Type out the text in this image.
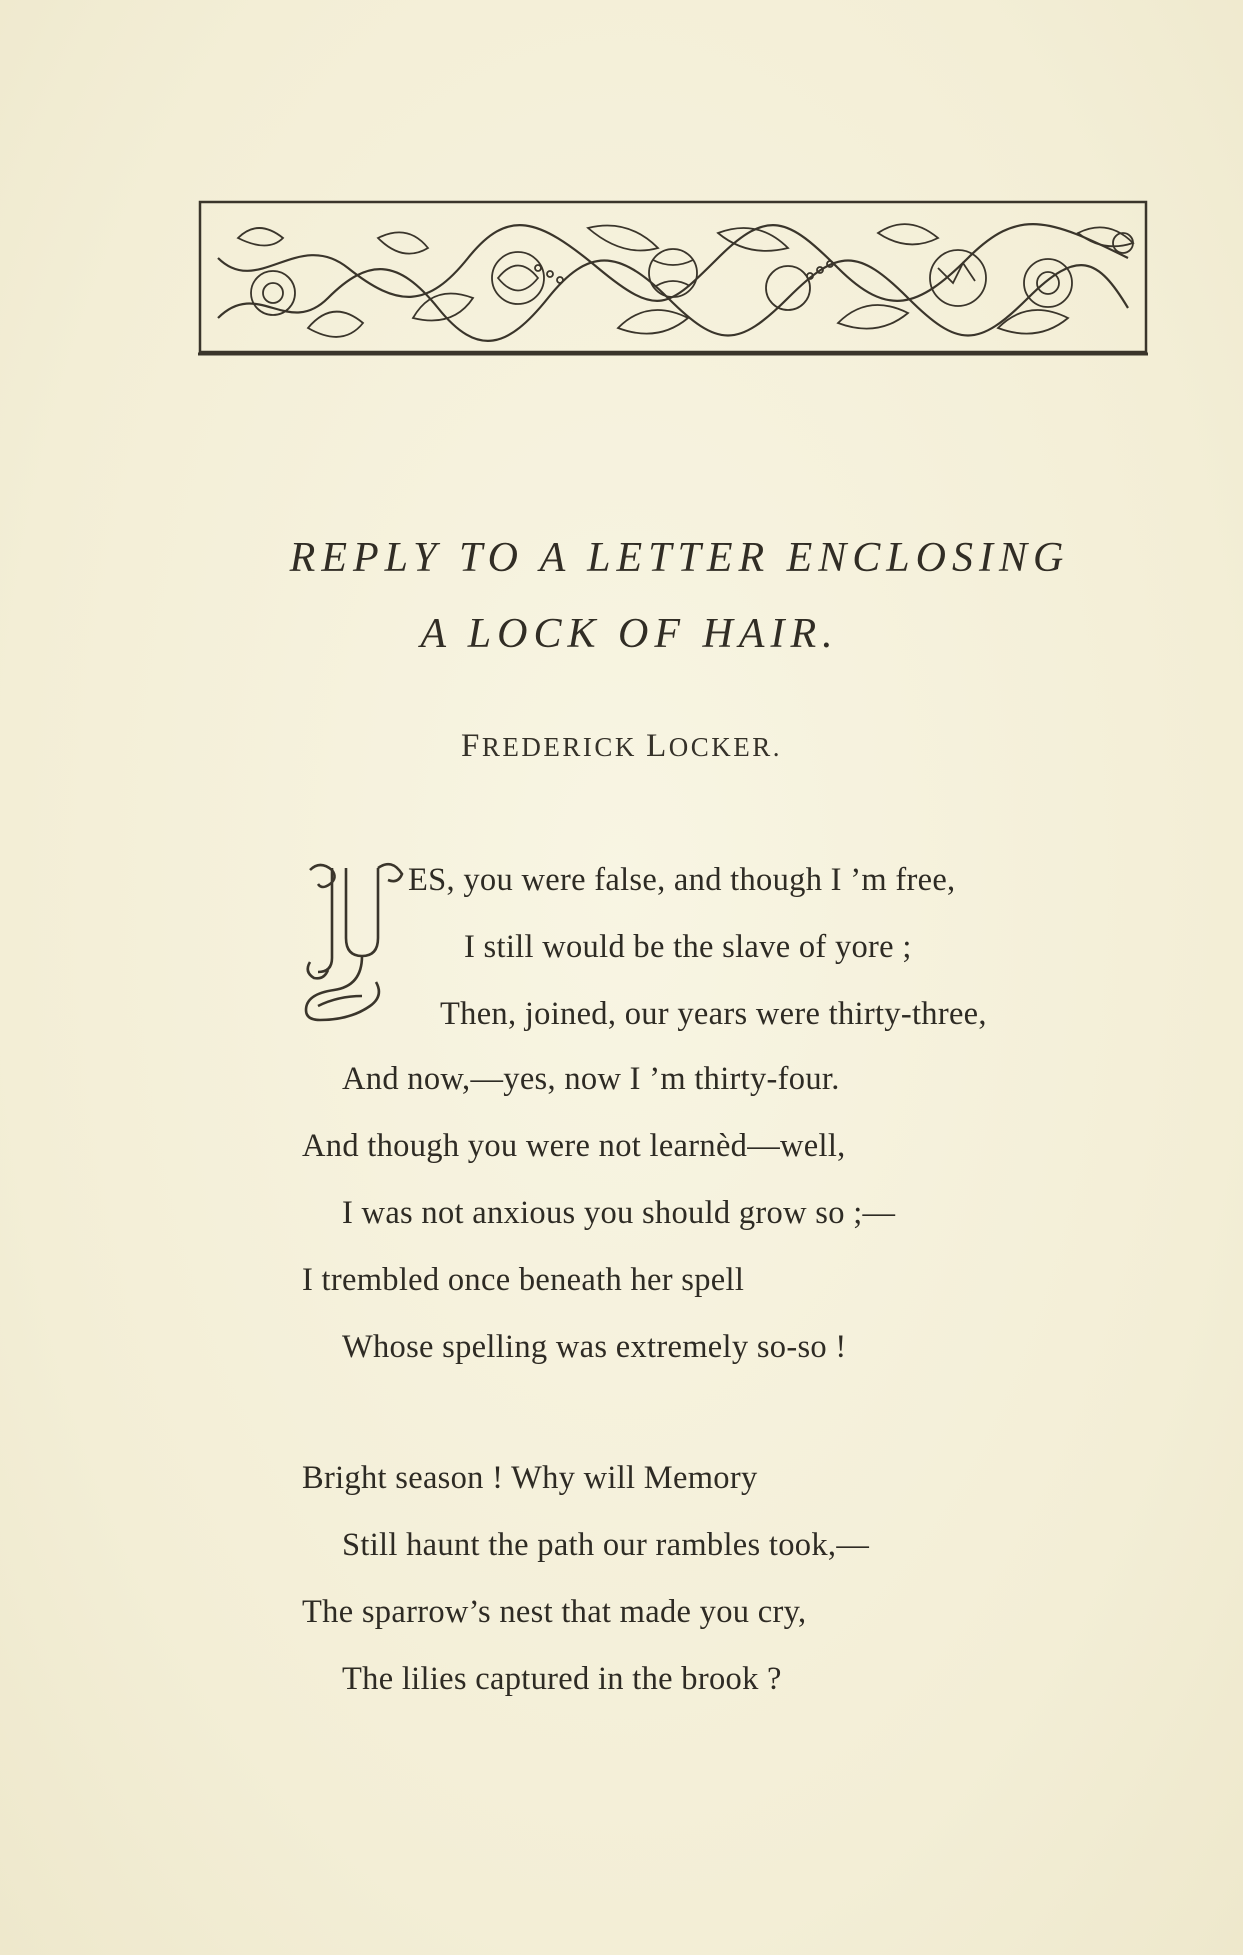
REPLY TO A LETTER ENCLOSING
A LOCK OF HAIR.
FREDERICK LOCKER.
ES, you were false, and though I ’m free,
I still would be the slave of yore ;
Then, joined, our years were thirty-three,
And now,—yes, now I ’m thirty-four.
And though you were not learnèd—well,
I was not anxious you should grow so ;—
I trembled once beneath her spell
Whose spelling was extremely so-so !
Bright season ! Why will Memory
Still haunt the path our rambles took,—
The sparrow’s nest that made you cry,
The lilies captured in the brook ?
